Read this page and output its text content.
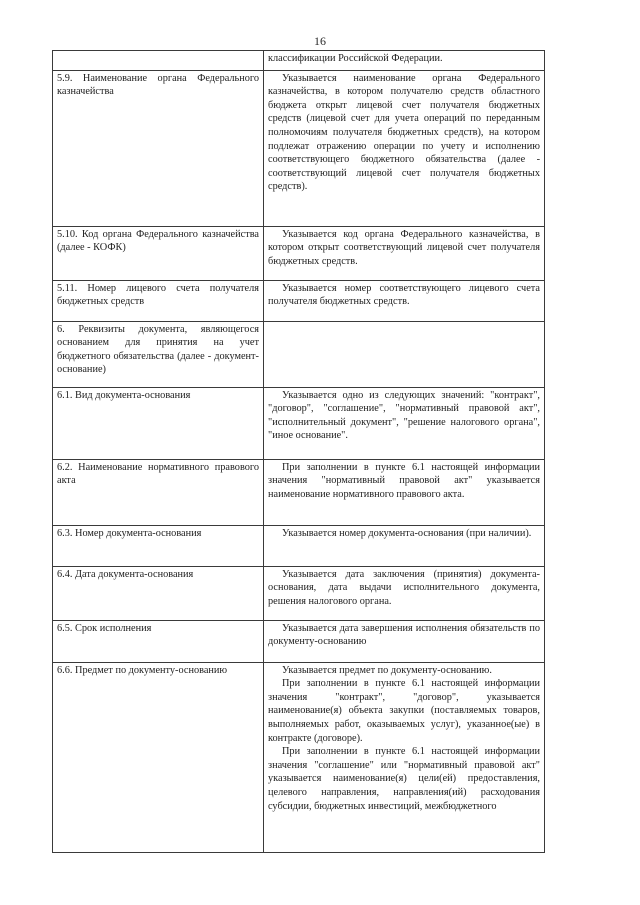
16

	классификации Российской Федерации.

5.9. Наименование органа Федерального казначейства	Указывается наименование органа Федерального казначейства, в котором получателю средств областного бюджета открыт лицевой счет получателя бюджетных средств (лицевой счет для учета операций по переданным полномочиям получателя бюджетных средств), на котором подлежат отражению операции по учету и исполнению соответствующего бюджетного обязательства (далее - соответствующий лицевой счет получателя бюджетных средств).

5.10. Код органа Федерального казначейства (далее - КОФК)	Указывается код органа Федерального казначейства, в котором открыт соответствующий лицевой счет получателя бюджетных средств.

5.11. Номер лицевого счета получателя бюджетных средств	Указывается номер соответствующего лицевого счета получателя бюджетных средств.

6. Реквизиты документа, являющегося основанием для принятия на учет бюджетного обязательства (далее - документ-основание)	
6.1. Вид документа-основания	Указывается одно из следующих значений: "контракт", "договор", "соглашение", "нормативный правовой акт", "исполнительный документ", "решение налогового органа", "иное основание".

6.2. Наименование нормативного правового акта	При заполнении в пункте 6.1 настоящей информации значения "нормативный правовой акт" указывается наименование нормативного правового акта.

6.3. Номер документа-основания	Указывается номер документа-основания (при наличии).

6.4. Дата документа-основания	Указывается дата заключения (принятия) документа-основания, дата выдачи исполнительного документа, решения налогового органа.

6.5. Срок исполнения	Указывается дата завершения исполнения обязательств по документу-основанию

6.6. Предмет по документу-основанию	Указывается предмет по документу-основанию.

При заполнении в пункте 6.1 настоящей информации значения "контракт", "договор", указывается наименование(я) объекта закупки (поставляемых товаров, выполняемых работ, оказываемых услуг), указанное(ые) в контракте (договоре).

При заполнении в пункте 6.1 настоящей информации значения "соглашение" или "нормативный правовой акт" указывается наименование(я) цели(ей) предоставления, целевого направления, направления(ий) расходования субсидии, бюджетных инвестиций, межбюджетного
